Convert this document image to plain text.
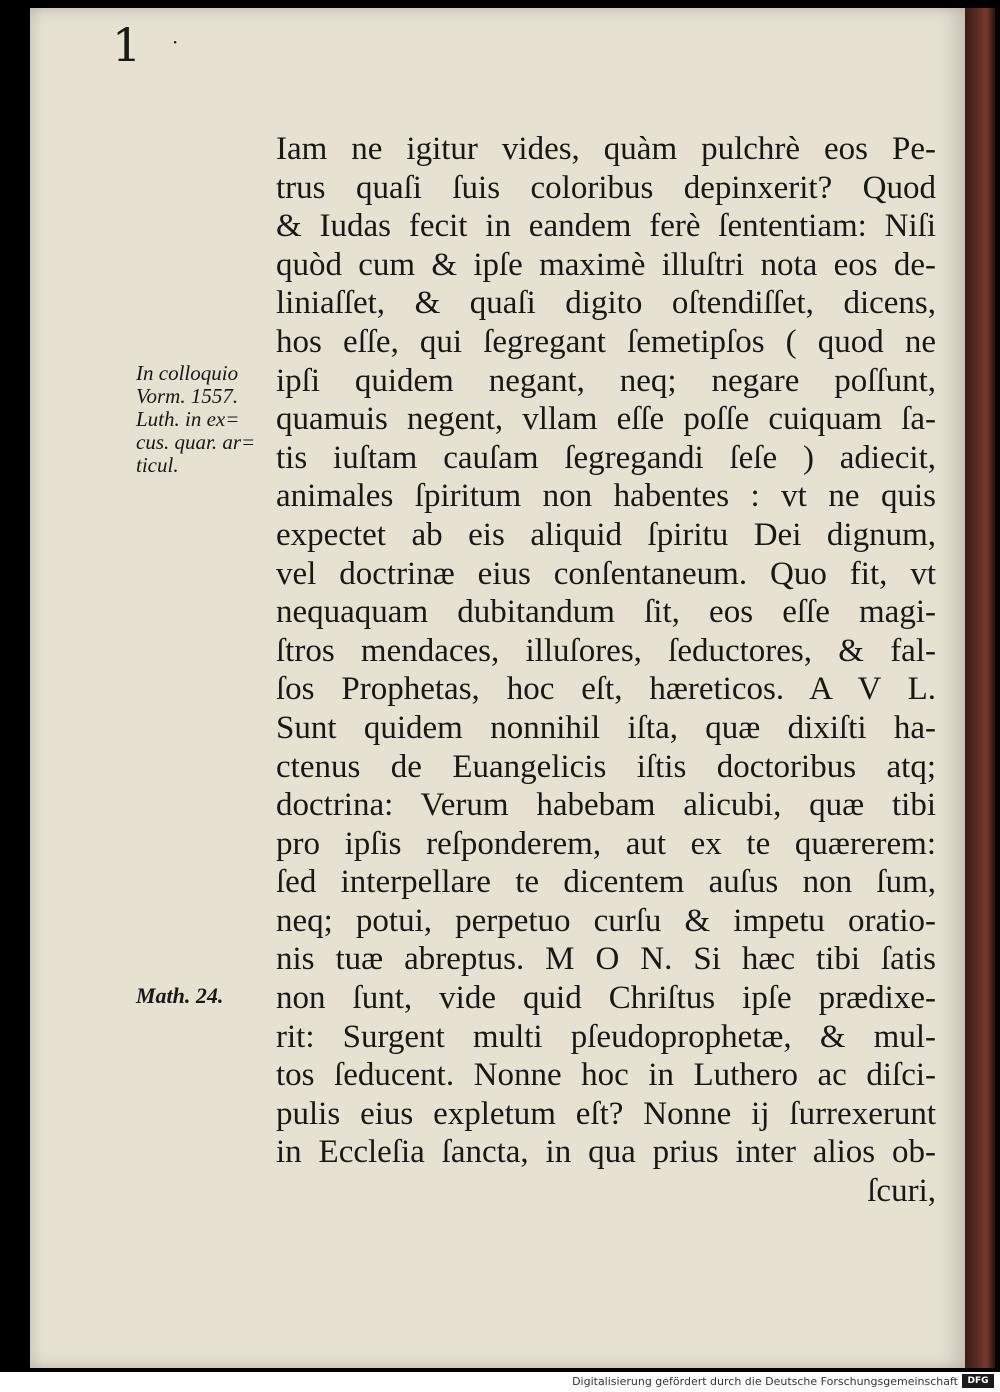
1 ·
In colloquio
Vorm. 1557.
Luth. in ex=
cus. quar. ar=
ticul.
Math. 24.
Iam ne igitur vides, quàm pulchrè eos Pe-
trus quaſi ſuis coloribus depinxerit? Quod
& Iudas fecit in eandem ferè ſententiam: Niſi
quòd cum & ipſe maximè illuſtri nota eos de-
liniaſſet, & quaſi digito oſtendiſſet, dicens,
hos eſſe, qui ſegregant ſemetipſos ( quod ne
ipſi quidem negant, neq; negare poſſunt,
quamuis negent, vllam eſſe poſſe cuiquam ſa-
tis iuſtam cauſam ſegregandi ſeſe ) adiecit,
animales ſpiritum non habentes : vt ne quis
expectet ab eis aliquid ſpiritu Dei dignum,
vel doctrinæ eius conſentaneum. Quo fit, vt
nequaquam dubitandum ſit, eos eſſe magi-
ſtros mendaces, illuſores, ſeductores, & fal-
ſos Prophetas, hoc eſt, hæreticos. A V L.
Sunt quidem nonnihil iſta, quæ dixiſti ha-
ctenus de Euangelicis iſtis doctoribus atq;
doctrina: Verum habebam alicubi, quæ tibi
pro ipſis reſponderem, aut ex te quærerem:
ſed interpellare te dicentem auſus non ſum,
neq; potui, perpetuo curſu & impetu oratio-
nis tuæ abreptus. M O N. Si hæc tibi ſatis
non ſunt, vide quid Chriſtus ipſe prædixe-
rit: Surgent multi pſeudoprophetæ, & mul-
tos ſeducent. Nonne hoc in Luthero ac diſci-
pulis eius expletum eſt? Nonne ij ſurrexerunt
in Eccleſia ſancta, in qua prius inter alios ob-
ſcuri,
Digitalisierung gefördert durch die Deutsche Forschungsgemeinschaft	DFG
